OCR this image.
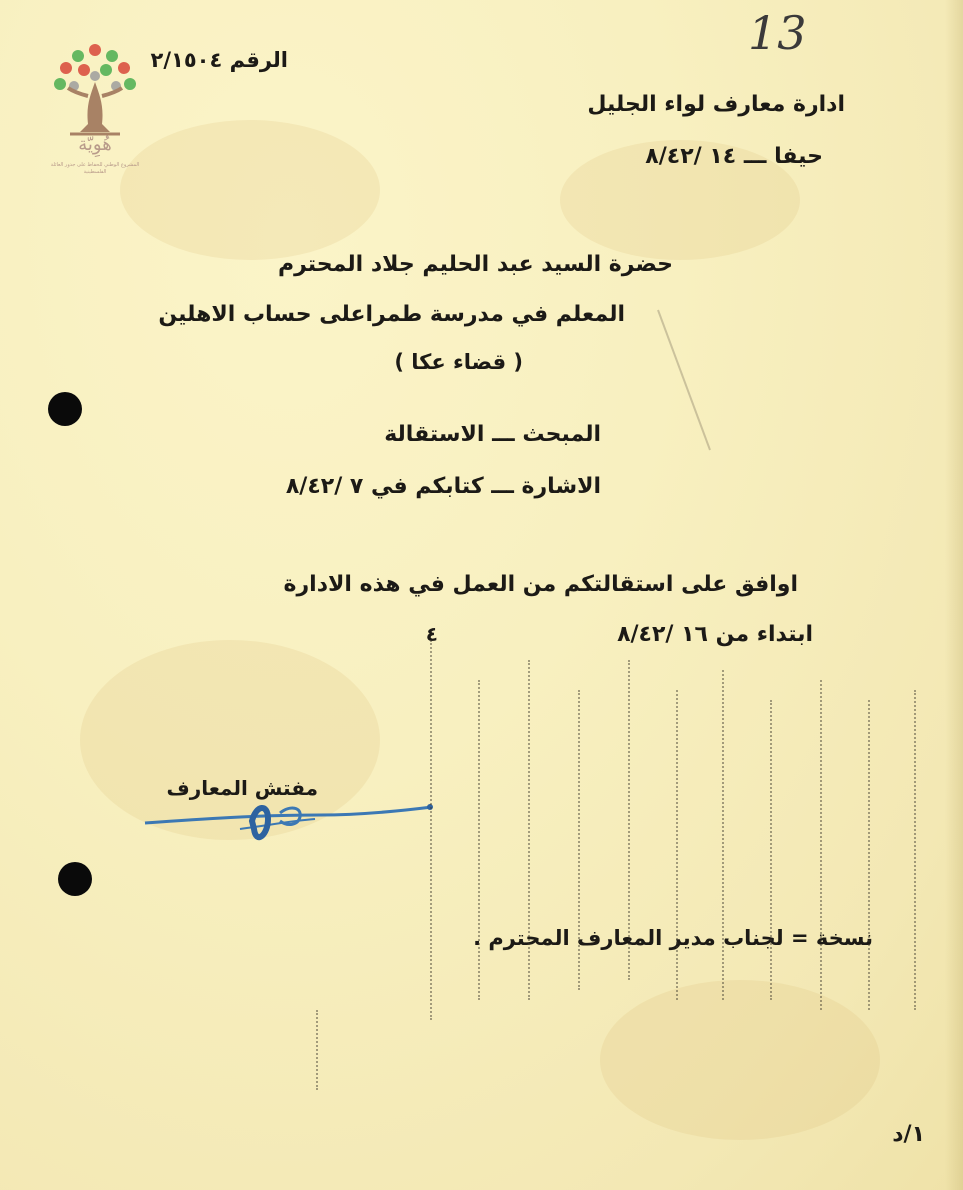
هُوِيّة
المشروع الوطني للحفاظ على جذور العائلة الفلسطينية
13
الرقم ٢/١٥٠٤
ادارة معارف لواء الجليل
حيفا ـــ ١٤ /٨/٤٢
حضرة السيد عبد الحليم جلاد المحترم
المعلم في مدرسة طمراعلى حساب الاهلين
( قضاء عكا )
المبحث ـــ الاستقالة
الاشارة ـــ كتابكم في ٧ /٨/٤٢
اوافق على استقالتكم من العمل في هذه الادارة
ابتداء من ١٦ /٨/٤٢
٤
مفتش المعارف
نسخة = لجناب مدير المعارف المحترم .
١/د
